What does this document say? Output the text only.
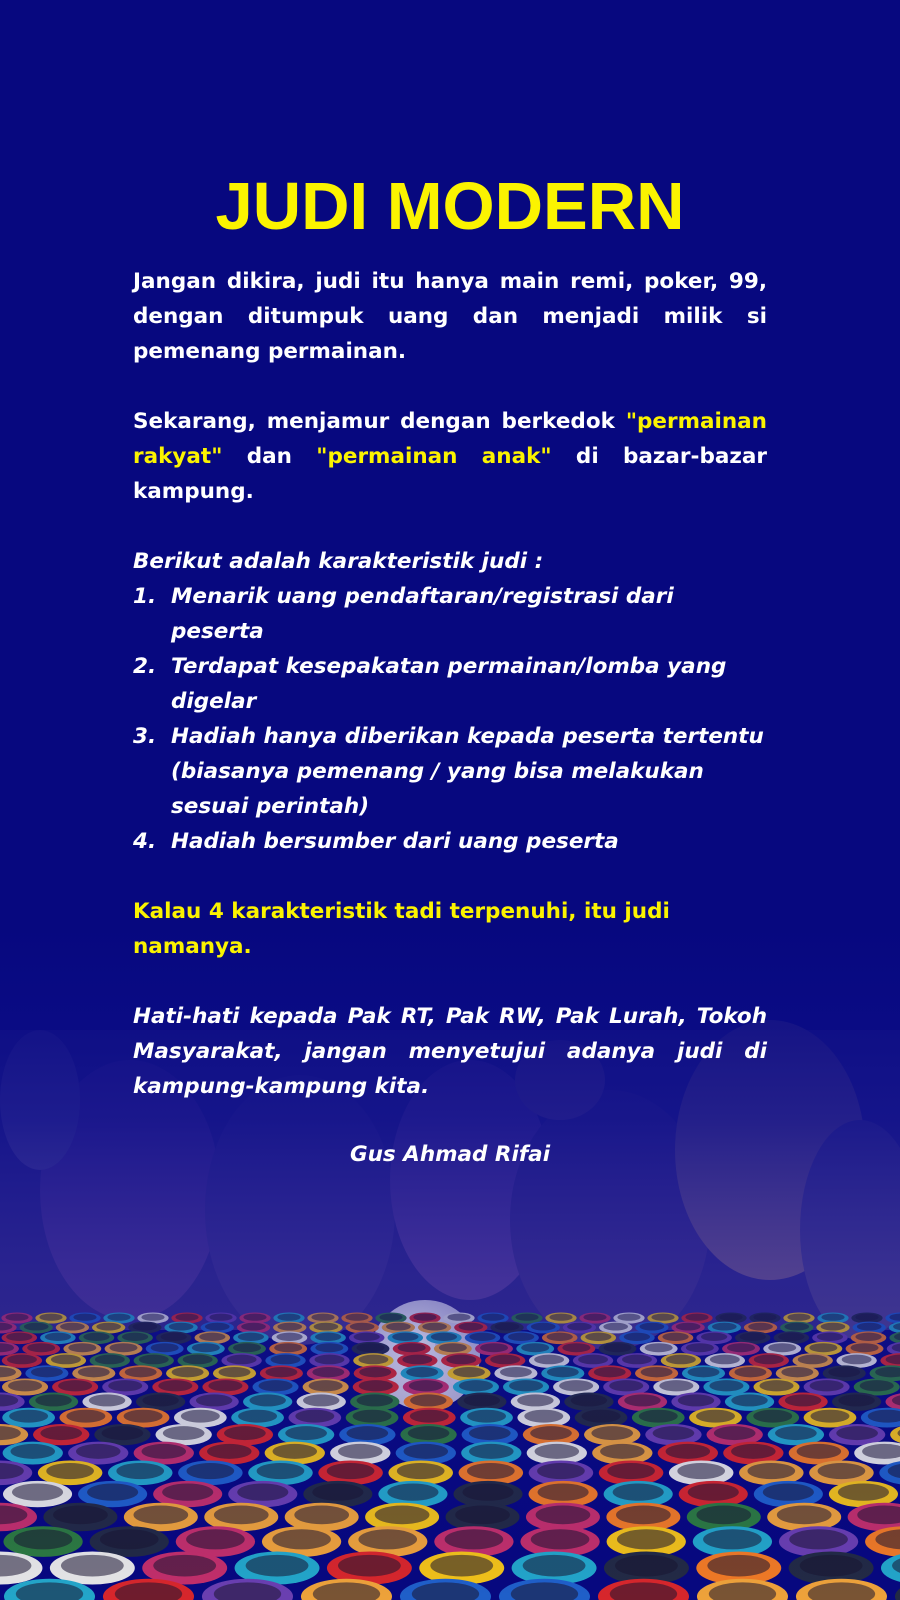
JUDI MODERN

Jangan dikira, judi itu hanya main remi, poker, 99, dengan ditumpuk uang dan menjadi milik si pemenang permainan.

Sekarang, menjamur dengan berkedok "permainan rakyat" dan "permainan anak" di bazar-bazar kampung.

Berikut adalah karakteristik judi :

1. Menarik uang pendaftaran/registrasi dari peserta
2. Terdapat kesepakatan permainan/lomba yang digelar
3. Hadiah hanya diberikan kepada peserta tertentu (biasanya pemenang / yang bisa melakukan sesuai perintah)
4. Hadiah bersumber dari uang peserta

Kalau 4 karakteristik tadi terpenuhi, itu judi namanya.

Hati-hati kepada Pak RT, Pak RW, Pak Lurah, Tokoh Masyarakat, jangan menyetujui adanya judi di kampung-kampung kita.

Gus Ahmad Rifai
